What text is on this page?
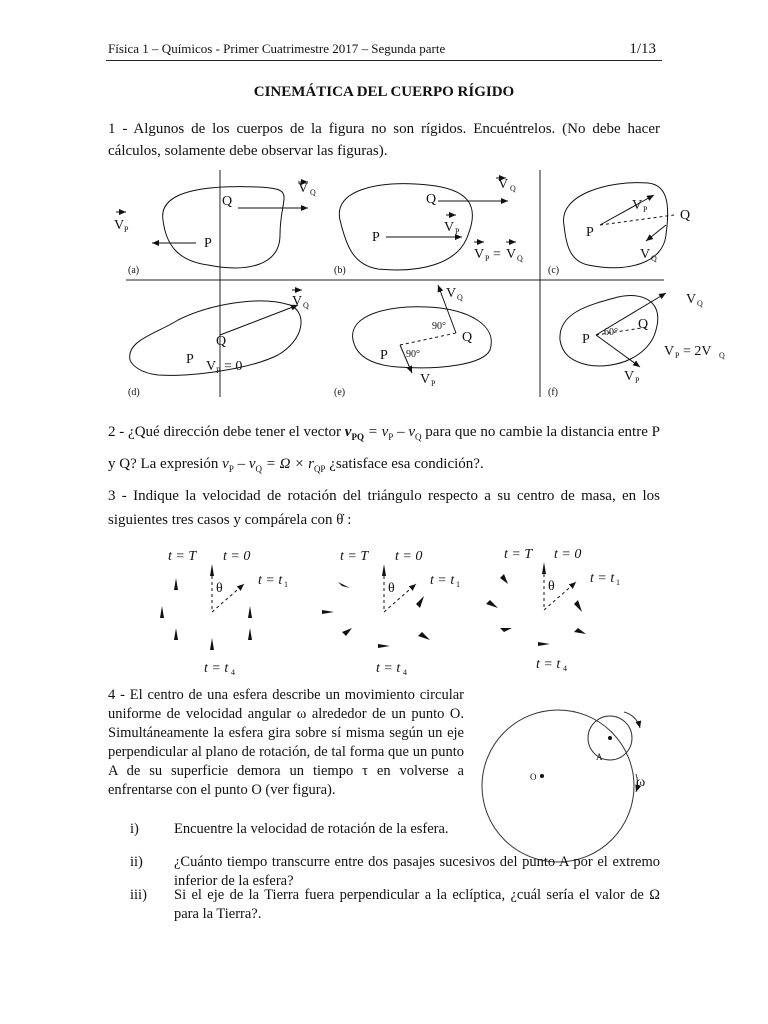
Física 1 – Químicos - Primer Cuatrimestre 2017 – Segunda parte	1/13
CINEMÁTICA DEL CUERPO RÍGIDO
1 - Algunos de los cuerpos de la figura no son rígidos. Encuéntrelos. (No debe hacer cálculos, solamente debe observar las figuras).
Q
P
V P
V Q
(a)
Q
P
V Q
V P
V P = V Q
(b)
P
Q
V P
V Q
(c)
Q
P V P = 0
V Q
(d)
Q
P
90°
90°
V Q
V P
(e)
P
Q
60°
V Q
V P
V P = 2V Q
(f)
2 - ¿Qué dirección debe tener el vector $v_{PQ} = v_P - v_Q$ para que no cambie la distancia entre P y Q? La expresión $v_P - v_Q = \Omega \times r_{QP}$ ¿satisface esa condición?.
3 - Indique la velocidad de rotación del triángulo respecto a su centro de masa, en los siguientes tres casos y compárela con θ̇ :
t = T t = 0
t = t 1
t = t 4
θ
t = T t = 0
t = t 1
t = t 4
θ
t = T t = 0
t = t 1
t = t 4
θ
4 - El centro de una esfera describe un movimiento circular uniforme de velocidad angular ω alrededor de un punto O. Simultáneamente la esfera gira sobre sí misma según un eje perpendicular al plano de rotación, de tal forma que un punto A de su superficie demora un tiempo τ en volverse a enfrentarse con el punto O (ver figura).
O
A
ω
i)	Encuentre la velocidad de rotación de la esfera.
ii)	¿Cuánto tiempo transcurre entre dos pasajes sucesivos del punto A por el extremo inferior de la esfera?
iii)	Si el eje de la Tierra fuera perpendicular a la eclíptica, ¿cuál sería el valor de Ω para la Tierra?.
